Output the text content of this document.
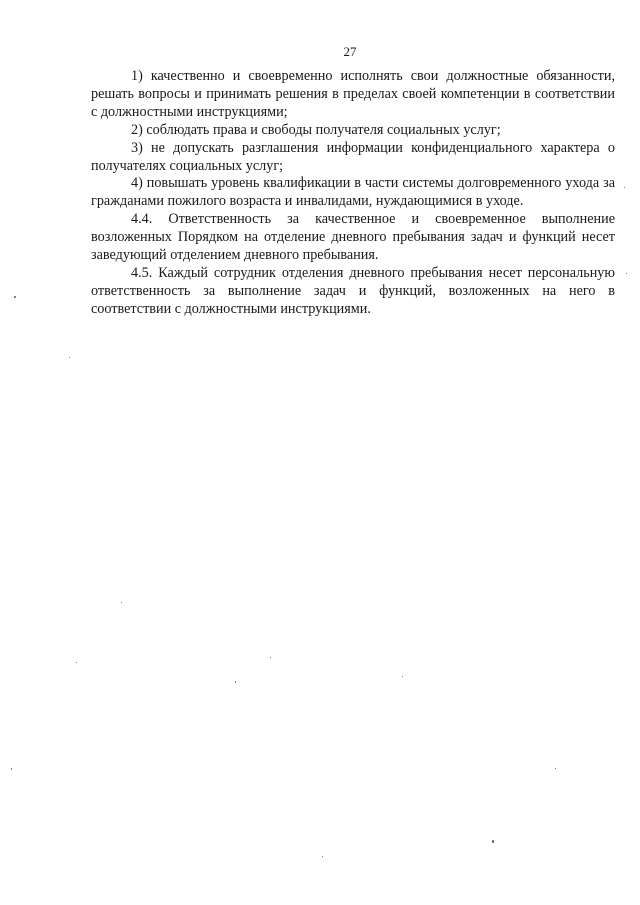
27

1) качественно и своевременно исполнять свои должностные обязанности, решать вопросы и принимать решения в пределах своей компетенции в соответствии с должностными инструкциями;

2) соблюдать права и свободы получателя социальных услуг;

3) не допускать разглашения информации конфиденциального характера о получателях социальных услуг;

4) повышать уровень квалификации в части системы долговременного ухода за гражданами пожилого возраста и инвалидами, нуждающимися в уходе.

4.4. Ответственность за качественное и своевременное выполнение возложенных Порядком на отделение дневного пребывания задач и функций несет заведующий отделением дневного пребывания.

4.5. Каждый сотрудник отделения дневного пребывания несет персональную ответственность за выполнение задач и функций, возложенных на него в соответствии с должностными инструкциями.
